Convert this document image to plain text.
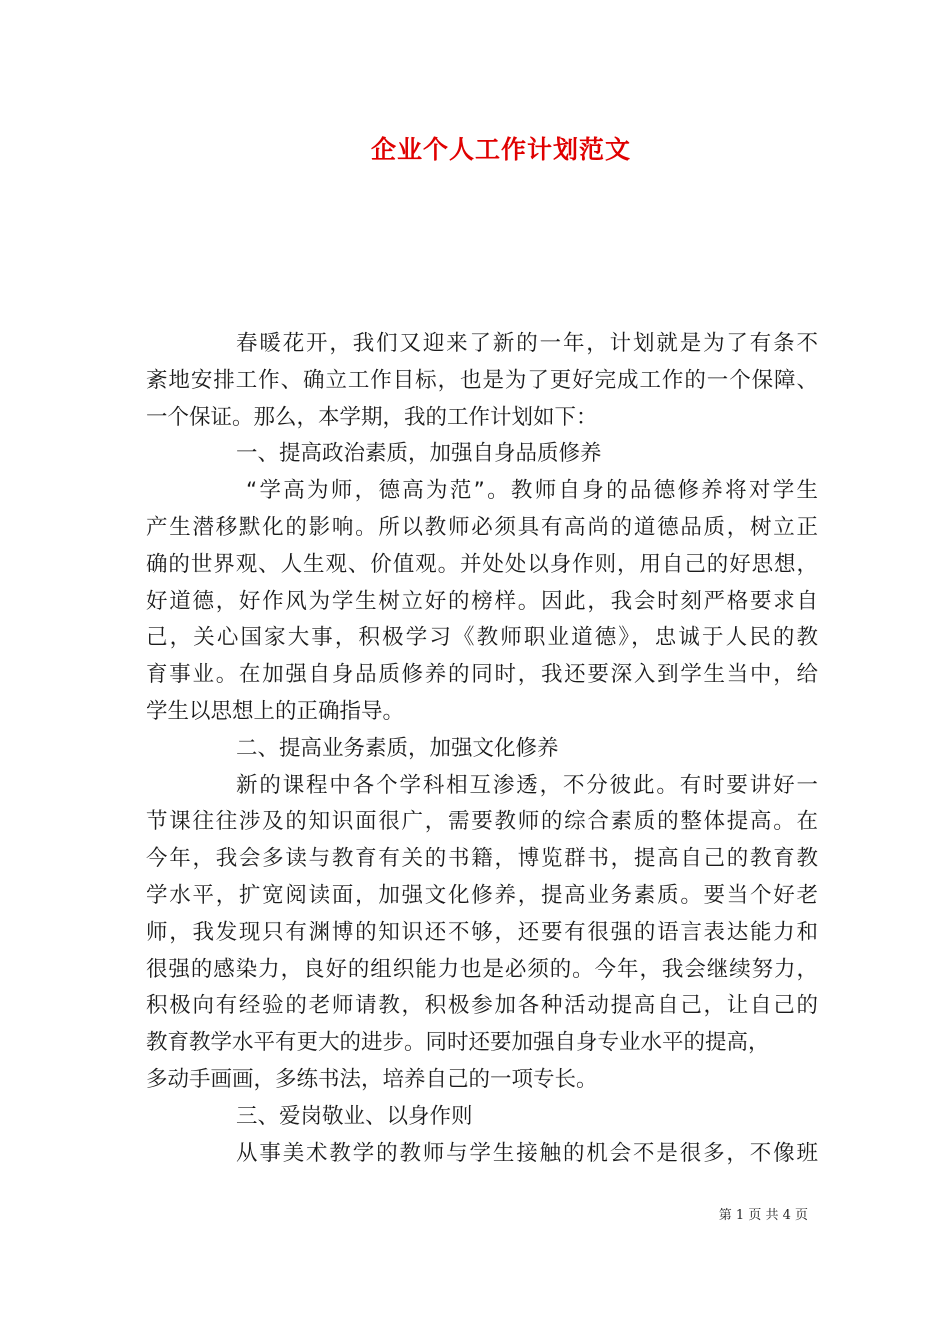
企业个人工作计划范文
春暖花开，我们又迎来了新的一年，计划就是为了有条不
紊地安排工作、确立工作目标，也是为了更好完成工作的一个保障、
一个保证。那么，本学期，我的工作计划如下：
一、提高政治素质，加强自身品质修养
“学高为师，德高为范”。教师自身的品德修养将对学生
产生潜移默化的影响。所以教师必须具有高尚的道德品质，树立正
确的世界观、人生观、价值观。并处处以身作则，用自己的好思想，
好道德，好作风为学生树立好的榜样。因此，我会时刻严格要求自
己，关心国家大事，积极学习《教师职业道德》，忠诚于人民的教
育事业。在加强自身品质修养的同时，我还要深入到学生当中，给
学生以思想上的正确指导。
二、提高业务素质，加强文化修养
新的课程中各个学科相互渗透，不分彼此。有时要讲好一
节课往往涉及的知识面很广，需要教师的综合素质的整体提高。在
今年，我会多读与教育有关的书籍，博览群书，提高自己的教育教
学水平，扩宽阅读面，加强文化修养，提高业务素质。要当个好老
师，我发现只有渊博的知识还不够，还要有很强的语言表达能力和
很强的感染力，良好的组织能力也是必须的。今年，我会继续努力，
积极向有经验的老师请教，积极参加各种活动提高自己，让自己的
教育教学水平有更大的进步。同时还要加强自身专业水平的提高，
多动手画画，多练书法，培养自己的一项专长。
三、爱岗敬业、以身作则
从事美术教学的教师与学生接触的机会不是很多，不像班
第 1 页 共 4 页
